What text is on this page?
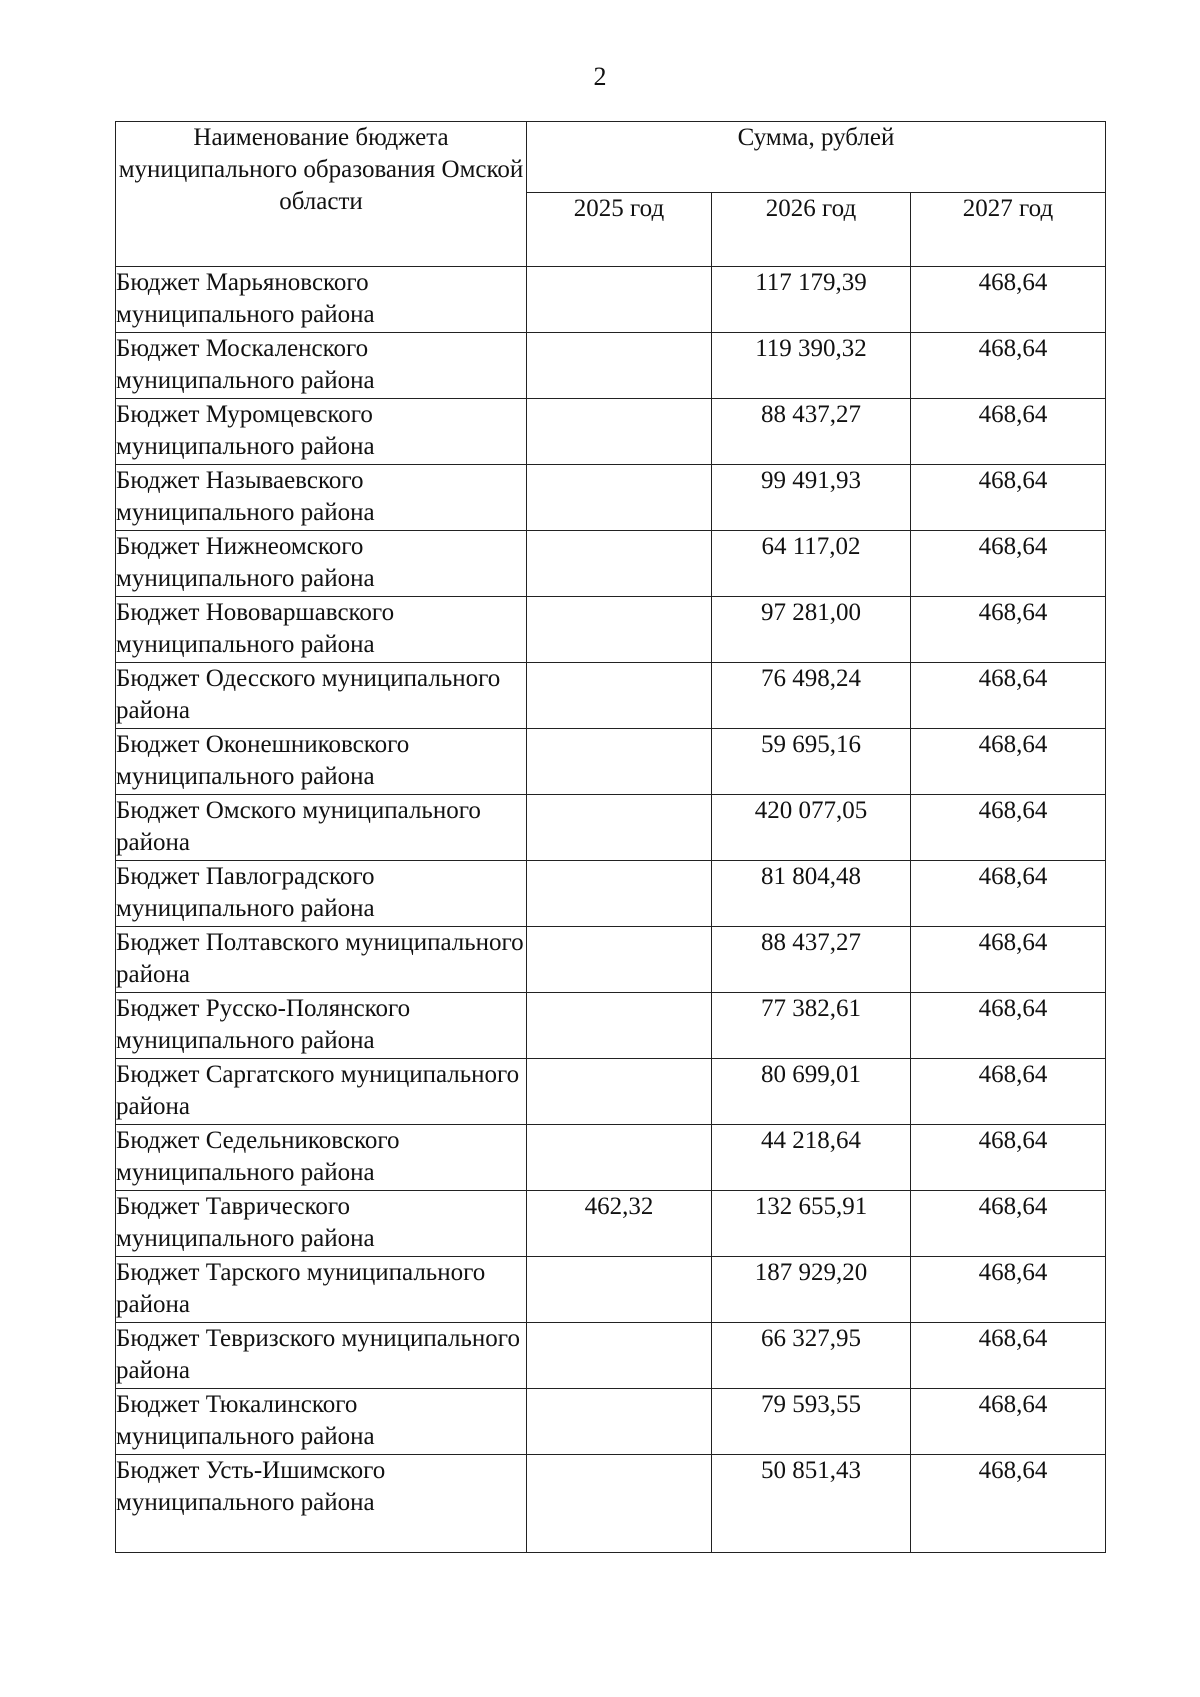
2
Наименование бюджета муниципального образования Омской области	Сумма, рублей		
	2025 год	2026 год	2027 год
Бюджет Марьяновского муниципального района		117 179,39	468,64
Бюджет Москаленского муниципального района		119 390,32	468,64
Бюджет Муромцевского муниципального района		88 437,27	468,64
Бюджет Называевского муниципального района		99 491,93	468,64
Бюджет Нижнеомского муниципального района		64 117,02	468,64
Бюджет Нововаршавского муниципального района		97 281,00	468,64
Бюджет Одесского муниципального района		76 498,24	468,64
Бюджет Оконешниковского муниципального района		59 695,16	468,64
Бюджет Омского муниципального района		420 077,05	468,64
Бюджет Павлоградского муниципального района		81 804,48	468,64
Бюджет Полтавского муниципального района		88 437,27	468,64
Бюджет Русско-Полянского муниципального района		77 382,61	468,64
Бюджет Саргатского муниципального района		80 699,01	468,64
Бюджет Седельниковского муниципального района		44 218,64	468,64
Бюджет Таврического муниципального района	462,32	132 655,91	468,64
Бюджет Тарского муниципального района		187 929,20	468,64
Бюджет Тевризского муниципального района		66 327,95	468,64
Бюджет Тюкалинского муниципального района		79 593,55	468,64
Бюджет Усть-Ишимского муниципального района		50 851,43	468,64
